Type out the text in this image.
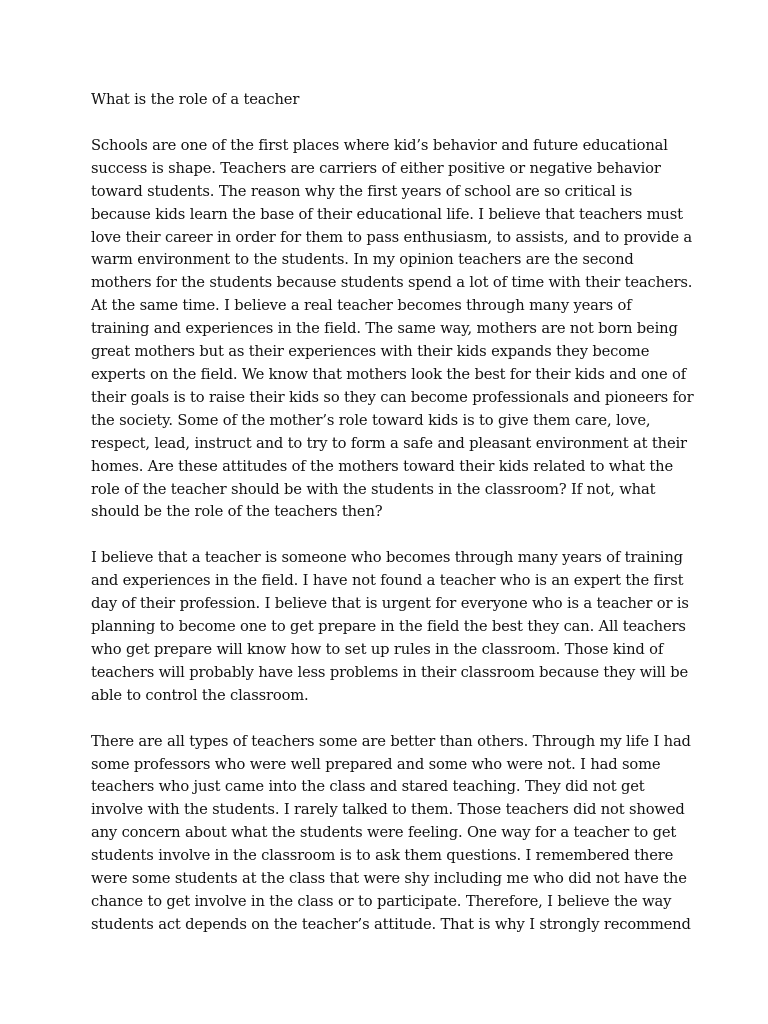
What is the role of a teacher
Schools are one of the first places where kid’s behavior and future educational
success is shape. Teachers are carriers of either positive or negative behavior
toward students. The reason why the first years of school are so critical is
because kids learn the base of their educational life. I believe that teachers must
love their career in order for them to pass enthusiasm, to assists, and to provide a
warm environment to the students. In my opinion teachers are the second
mothers for the students because students spend a lot of time with their teachers.
At the same time. I believe a real teacher becomes through many years of
training and experiences in the field. The same way, mothers are not born being
great mothers but as their experiences with their kids expands they become
experts on the field. We know that mothers look the best for their kids and one of
their goals is to raise their kids so they can become professionals and pioneers for
the society. Some of the mother’s role toward kids is to give them care, love,
respect, lead, instruct and to try to form a safe and pleasant environment at their
homes. Are these attitudes of the mothers toward their kids related to what the
role of the teacher should be with the students in the classroom? If not, what
should be the role of the teachers then?
I believe that a teacher is someone who becomes through many years of training
and experiences in the field. I have not found a teacher who is an expert the first
day of their profession. I believe that is urgent for everyone who is a teacher or is
planning to become one to get prepare in the field the best they can. All teachers
who get prepare will know how to set up rules in the classroom. Those kind of
teachers will probably have less problems in their classroom because they will be
able to control the classroom.
There are all types of teachers some are better than others. Through my life I had
some professors who were well prepared and some who were not. I had some
teachers who just came into the class and stared teaching. They did not get
involve with the students. I rarely talked to them. Those teachers did not showed
any concern about what the students were feeling. One way for a teacher to get
students involve in the classroom is to ask them questions. I remembered there
were some students at the class that were shy including me who did not have the
chance to get involve in the class or to participate. Therefore, I believe the way
students act depends on the teacher’s attitude. That is why I strongly recommend
